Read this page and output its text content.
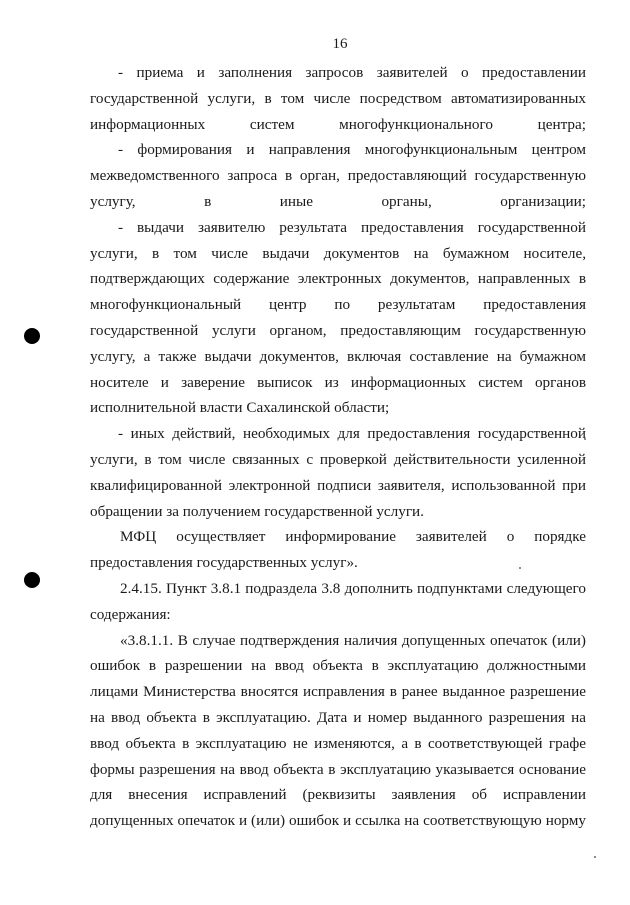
16

- приема и заполнения запросов заявителей о предоставлении государственной услуги, в том числе посредством автоматизированных информационных систем многофункционального центра;

- формирования и направления многофункциональным центром межведомственного запроса в орган, предоставляющий государственную услугу, в иные органы, организации;

- выдачи заявителю результата предоставления государственной услуги, в том числе выдачи документов на бумажном носителе, подтверждающих содержание электронных документов, направленных в многофункциональный центр по результатам предоставления государственной услуги органом, предоставляющим государственную услугу, а также выдачи документов, включая составление на бумажном носителе и заверение выписок из информационных систем органов исполнительной власти Сахалинской области;

- иных действий, необходимых для предоставления государственной услуги, в том числе связанных с проверкой действительности усиленной квалифицированной электронной подписи заявителя, использованной при обращении за получением государственной услуги.

МФЦ осуществляет информирование заявителей о порядке предоставления государственных услуг».

2.4.15. Пункт 3.8.1 подраздела 3.8 дополнить подпунктами следующего содержания:

«3.8.1.1. В случае подтверждения наличия допущенных опечаток (или) ошибок в разрешении на ввод объекта в эксплуатацию должностными лицами Министерства вносятся исправления в ранее выданное разрешение на ввод объекта в эксплуатацию. Дата и номер выданного разрешения на ввод объекта в эксплуатацию не изменяются, а в соответствующей графе формы разрешения на ввод объекта в эксплуатацию указывается основание для внесения исправлений (реквизиты заявления об исправлении допущенных опечаток и (или) ошибок и ссылка на соответствующую норму
